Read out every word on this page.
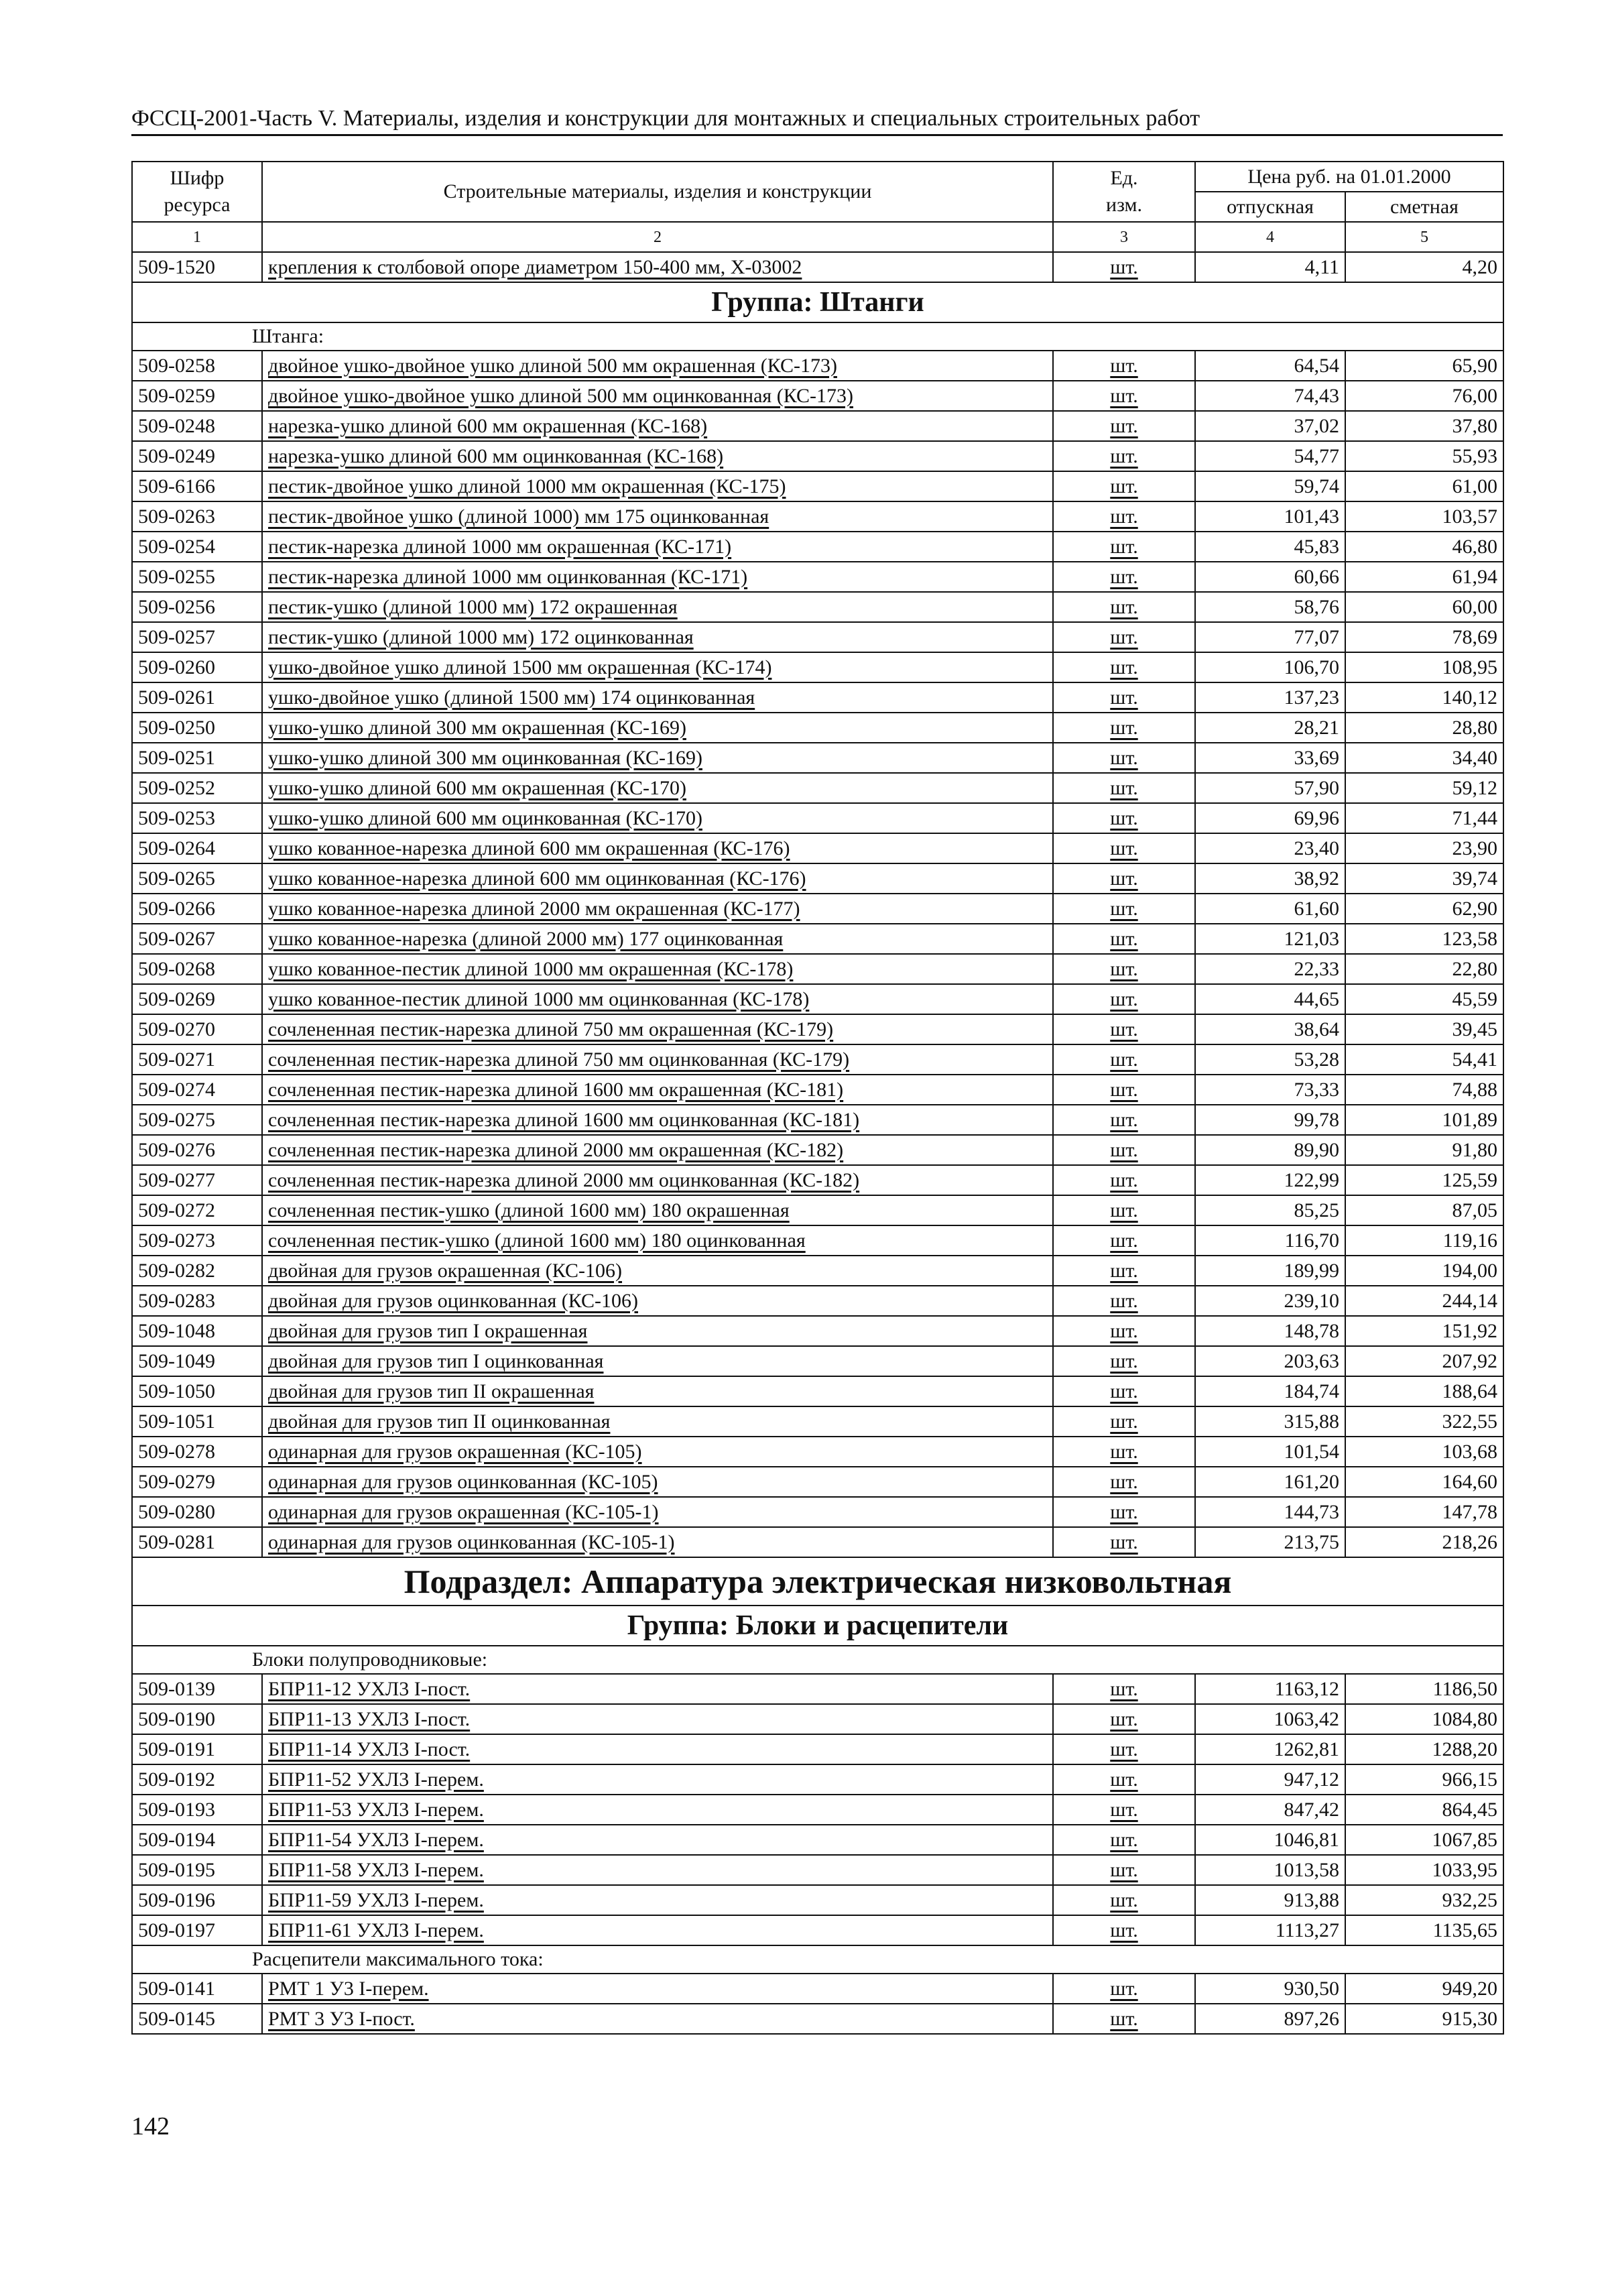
ФССЦ-2001-Часть V. Материалы, изделия и конструкции для монтажных и специальных строительных работ
Шифр
ресурса	Строительные материалы, изделия и конструкции	Ед.
изм.	Цена руб. на 01.01.2000	
			отпускная	сметная
1	2	3	4	5
509-1520	крепления к столбовой опоре диаметром 150-400 мм, Х-03002	шт.	4,11	4,20
Группа: Штанги				
Штанга:				
509-0258	двойное ушко-двойное ушко длиной 500 мм окрашенная (КС-173)	шт.	64,54	65,90
509-0259	двойное ушко-двойное ушко длиной 500 мм оцинкованная (КС-173)	шт.	74,43	76,00
509-0248	нарезка-ушко длиной 600 мм окрашенная (КС-168)	шт.	37,02	37,80
509-0249	нарезка-ушко длиной 600 мм оцинкованная (КС-168)	шт.	54,77	55,93
509-6166	пестик-двойное ушко длиной 1000 мм окрашенная (КС-175)	шт.	59,74	61,00
509-0263	пестик-двойное ушко (длиной 1000) мм 175 оцинкованная	шт.	101,43	103,57
509-0254	пестик-нарезка длиной 1000 мм окрашенная (КС-171)	шт.	45,83	46,80
509-0255	пестик-нарезка длиной 1000 мм оцинкованная (КС-171)	шт.	60,66	61,94
509-0256	пестик-ушко (длиной 1000 мм) 172 окрашенная	шт.	58,76	60,00
509-0257	пестик-ушко (длиной 1000 мм) 172 оцинкованная	шт.	77,07	78,69
509-0260	ушко-двойное ушко длиной 1500 мм окрашенная (КС-174)	шт.	106,70	108,95
509-0261	ушко-двойное ушко (длиной 1500 мм) 174 оцинкованная	шт.	137,23	140,12
509-0250	ушко-ушко длиной 300 мм окрашенная (КС-169)	шт.	28,21	28,80
509-0251	ушко-ушко длиной 300 мм оцинкованная (КС-169)	шт.	33,69	34,40
509-0252	ушко-ушко длиной 600 мм окрашенная (КС-170)	шт.	57,90	59,12
509-0253	ушко-ушко длиной 600 мм оцинкованная (КС-170)	шт.	69,96	71,44
509-0264	ушко кованное-нарезка длиной 600 мм окрашенная (КС-176)	шт.	23,40	23,90
509-0265	ушко кованное-нарезка длиной 600 мм оцинкованная (КС-176)	шт.	38,92	39,74
509-0266	ушко кованное-нарезка длиной 2000 мм окрашенная (КС-177)	шт.	61,60	62,90
509-0267	ушко кованное-нарезка (длиной 2000 мм) 177 оцинкованная	шт.	121,03	123,58
509-0268	ушко кованное-пестик длиной 1000 мм окрашенная (КС-178)	шт.	22,33	22,80
509-0269	ушко кованное-пестик длиной 1000 мм оцинкованная (КС-178)	шт.	44,65	45,59
509-0270	сочлененная пестик-нарезка длиной 750 мм окрашенная (КС-179)	шт.	38,64	39,45
509-0271	сочлененная пестик-нарезка длиной 750 мм оцинкованная (КС-179)	шт.	53,28	54,41
509-0274	сочлененная пестик-нарезка длиной 1600 мм окрашенная (КС-181)	шт.	73,33	74,88
509-0275	сочлененная пестик-нарезка длиной 1600 мм оцинкованная (КС-181)	шт.	99,78	101,89
509-0276	сочлененная пестик-нарезка длиной 2000 мм окрашенная (КС-182)	шт.	89,90	91,80
509-0277	сочлененная пестик-нарезка длиной 2000 мм оцинкованная (КС-182)	шт.	122,99	125,59
509-0272	сочлененная пестик-ушко (длиной 1600 мм) 180 окрашенная	шт.	85,25	87,05
509-0273	сочлененная пестик-ушко (длиной 1600 мм) 180 оцинкованная	шт.	116,70	119,16
509-0282	двойная для грузов окрашенная (КС-106)	шт.	189,99	194,00
509-0283	двойная для грузов оцинкованная (КС-106)	шт.	239,10	244,14
509-1048	двойная для грузов тип I окрашенная	шт.	148,78	151,92
509-1049	двойная для грузов тип I оцинкованная	шт.	203,63	207,92
509-1050	двойная для грузов тип II окрашенная	шт.	184,74	188,64
509-1051	двойная для грузов тип II оцинкованная	шт.	315,88	322,55
509-0278	одинарная для грузов окрашенная (КС-105)	шт.	101,54	103,68
509-0279	одинарная для грузов оцинкованная (КС-105)	шт.	161,20	164,60
509-0280	одинарная для грузов окрашенная (КС-105-1)	шт.	144,73	147,78
509-0281	одинарная для грузов оцинкованная (КС-105-1)	шт.	213,75	218,26
Подраздел: Аппаратура электрическая низковольтная				
Группа: Блоки и расцепители				
Блоки полупроводниковые:				
509-0139	БПР11-12 УХЛ3 I-пост.	шт.	1163,12	1186,50
509-0190	БПР11-13 УХЛ3 I-пост.	шт.	1063,42	1084,80
509-0191	БПР11-14 УХЛ3 I-пост.	шт.	1262,81	1288,20
509-0192	БПР11-52 УХЛ3 I-перем.	шт.	947,12	966,15
509-0193	БПР11-53 УХЛ3 I-перем.	шт.	847,42	864,45
509-0194	БПР11-54 УХЛ3 I-перем.	шт.	1046,81	1067,85
509-0195	БПР11-58 УХЛ3 I-перем.	шт.	1013,58	1033,95
509-0196	БПР11-59 УХЛ3 I-перем.	шт.	913,88	932,25
509-0197	БПР11-61 УХЛ3 I-перем.	шт.	1113,27	1135,65
Расцепители максимального тока:				
509-0141	РМТ 1 У3 I-перем.	шт.	930,50	949,20
509-0145	РМТ 3 У3 I-пост.	шт.	897,26	915,30
142
